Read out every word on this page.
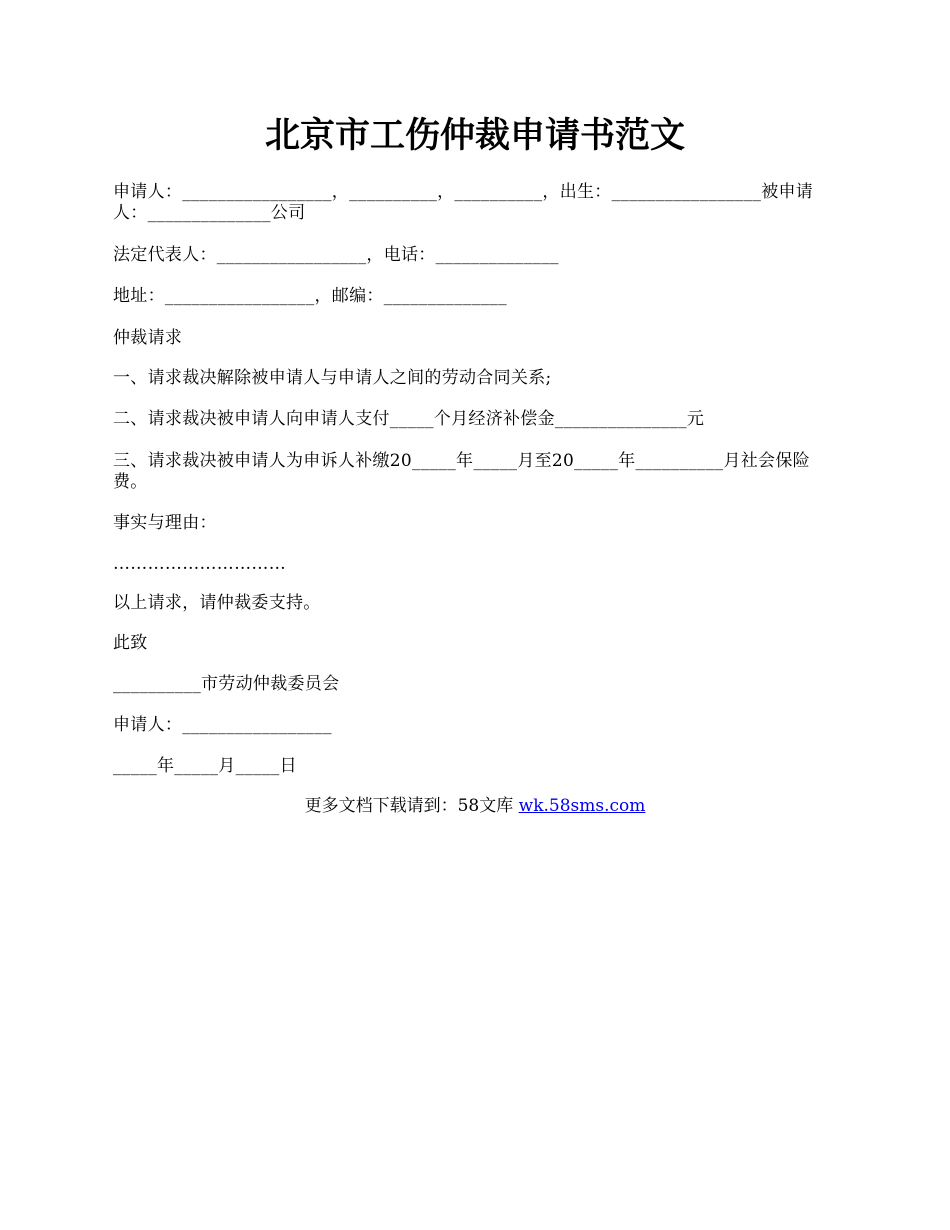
北京市工伤仲裁申请书范文

申请人：_________________，__________，__________，出生：_________________被申请人：______________公司

法定代表人：_________________，电话：______________

地址：_________________，邮编：______________

仲裁请求

一、请求裁决解除被申请人与申请人之间的劳动合同关系;

二、请求裁决被申请人向申请人支付_____个月经济补偿金_______________元

三、请求裁决被申请人为申诉人补缴20_____年_____月至20_____年__________月社会保险费。

事实与理由：

…………………………

以上请求，请仲裁委支持。

此致

__________市劳动仲裁委员会

申请人：_________________

_____年_____月_____日

更多文档下载请到：58文库 wk.58sms.com
